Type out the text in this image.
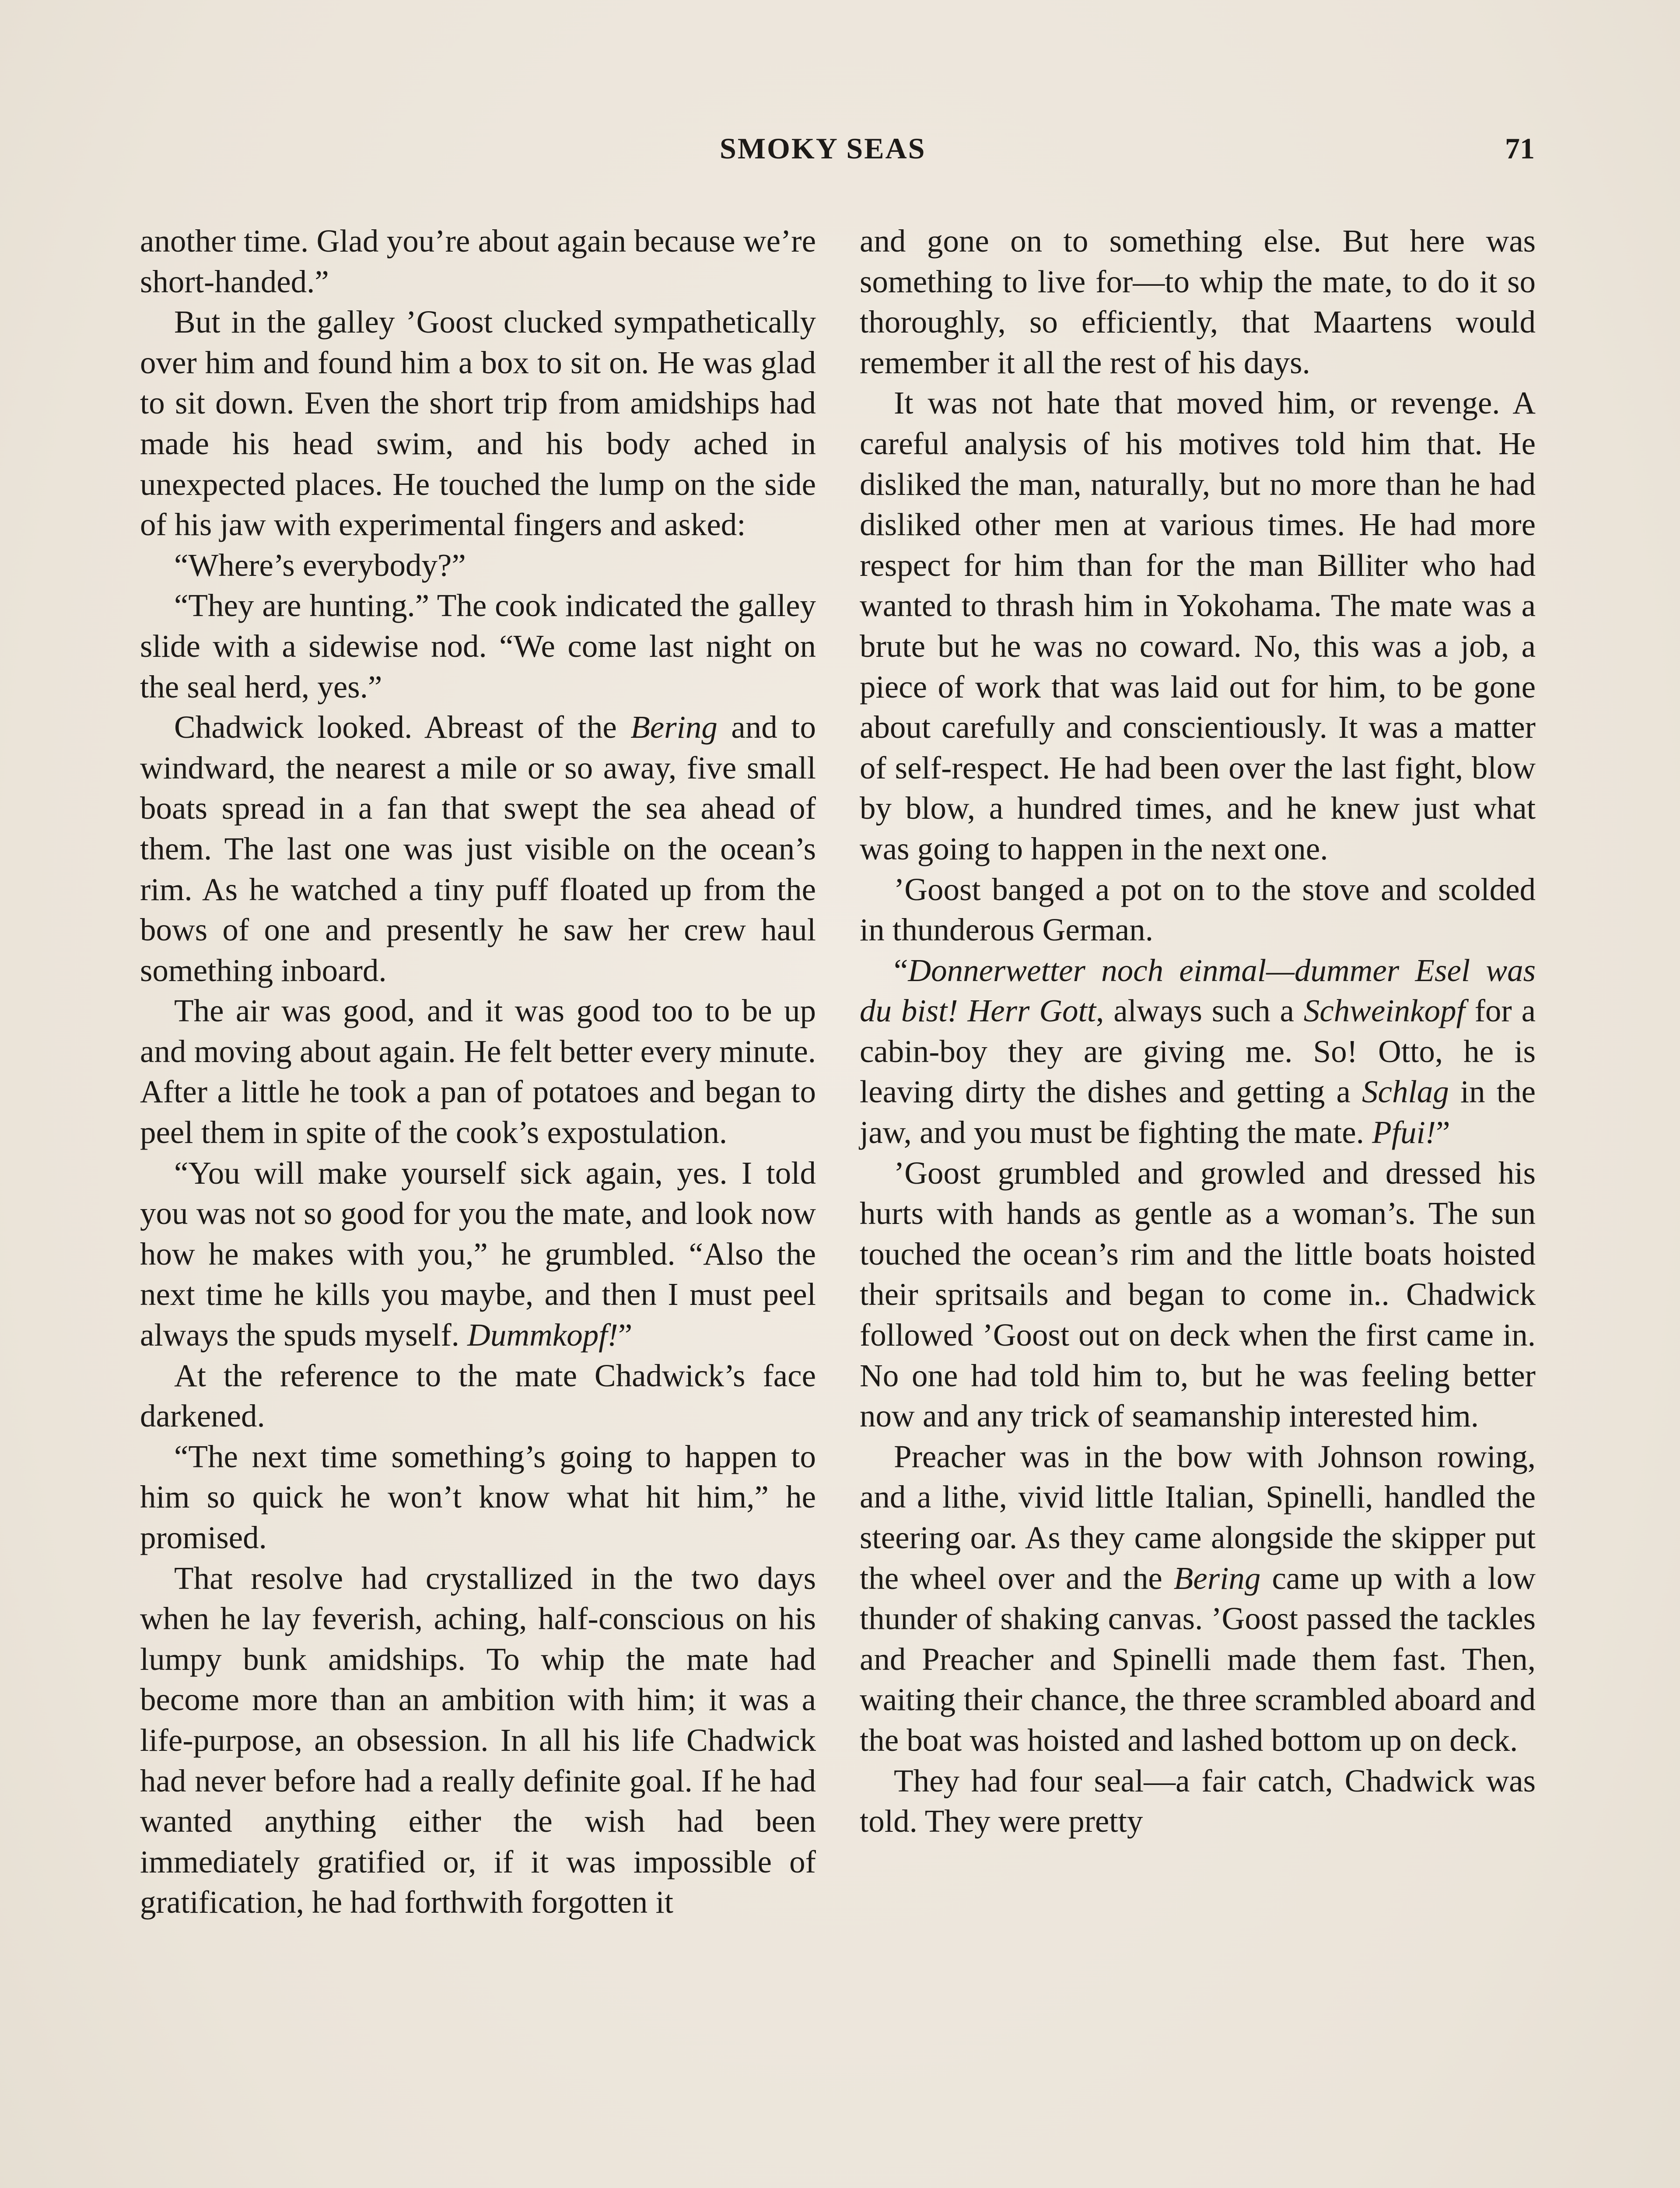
SMOKY SEAS	71

another time. Glad you’re about again because we’re short-handed.”

But in the galley ’Goost clucked sympathetically over him and found him a box to sit on. He was glad to sit down. Even the short trip from amidships had made his head swim, and his body ached in unexpected places. He touched the lump on the side of his jaw with experimental fingers and asked:

“Where’s everybody?”

“They are hunting.” The cook indicated the galley slide with a sidewise nod. “We come last night on the seal herd, yes.”

Chadwick looked. Abreast of the Bering and to windward, the nearest a mile or so away, five small boats spread in a fan that swept the sea ahead of them. The last one was just visible on the ocean’s rim. As he watched a tiny puff floated up from the bows of one and presently he saw her crew haul something inboard.

The air was good, and it was good too to be up and moving about again. He felt better every minute. After a little he took a pan of potatoes and began to peel them in spite of the cook’s expostulation.

“You will make yourself sick again, yes. I told you was not so good for you the mate, and look now how he makes with you,” he grumbled. “Also the next time he kills you maybe, and then I must peel always the spuds myself. Dummkopf!”

At the reference to the mate Chadwick’s face darkened.

“The next time something’s going to happen to him so quick he won’t know what hit him,” he promised.

That resolve had crystallized in the two days when he lay feverish, aching, half-conscious on his lumpy bunk amidships. To whip the mate had become more than an ambition with him; it was a life-purpose, an obsession. In all his life Chadwick had never before had a really definite goal. If he had wanted anything either the wish had been immediately gratified or, if it was impossible of gratification, he had forthwith forgotten it

and gone on to something else. But here was something to live for—to whip the mate, to do it so thoroughly, so efficiently, that Maartens would remember it all the rest of his days.

It was not hate that moved him, or revenge. A careful analysis of his motives told him that. He disliked the man, naturally, but no more than he had disliked other men at various times. He had more respect for him than for the man Billiter who had wanted to thrash him in Yokohama. The mate was a brute but he was no coward. No, this was a job, a piece of work that was laid out for him, to be gone about carefully and conscientiously. It was a matter of self-respect. He had been over the last fight, blow by blow, a hundred times, and he knew just what was going to happen in the next one.

’Goost banged a pot on to the stove and scolded in thunderous German.

“Donnerwetter noch einmal—dummer Esel was du bist! Herr Gott, always such a Schweinkopf for a cabin-boy they are giving me. So! Otto, he is leaving dirty the dishes and getting a Schlag in the jaw, and you must be fighting the mate. Pfui!”

’Goost grumbled and growled and dressed his hurts with hands as gentle as a woman’s. The sun touched the ocean’s rim and the little boats hoisted their spritsails and began to come in.. Chadwick followed ’Goost out on deck when the first came in. No one had told him to, but he was feeling better now and any trick of seamanship interested him.

Preacher was in the bow with Johnson rowing, and a lithe, vivid little Italian, Spinelli, handled the steering oar. As they came alongside the skipper put the wheel over and the Bering came up with a low thunder of shaking canvas. ’Goost passed the tackles and Preacher and Spinelli made them fast. Then, waiting their chance, the three scrambled aboard and the boat was hoisted and lashed bottom up on deck.

They had four seal—a fair catch, Chadwick was told. They were pretty
